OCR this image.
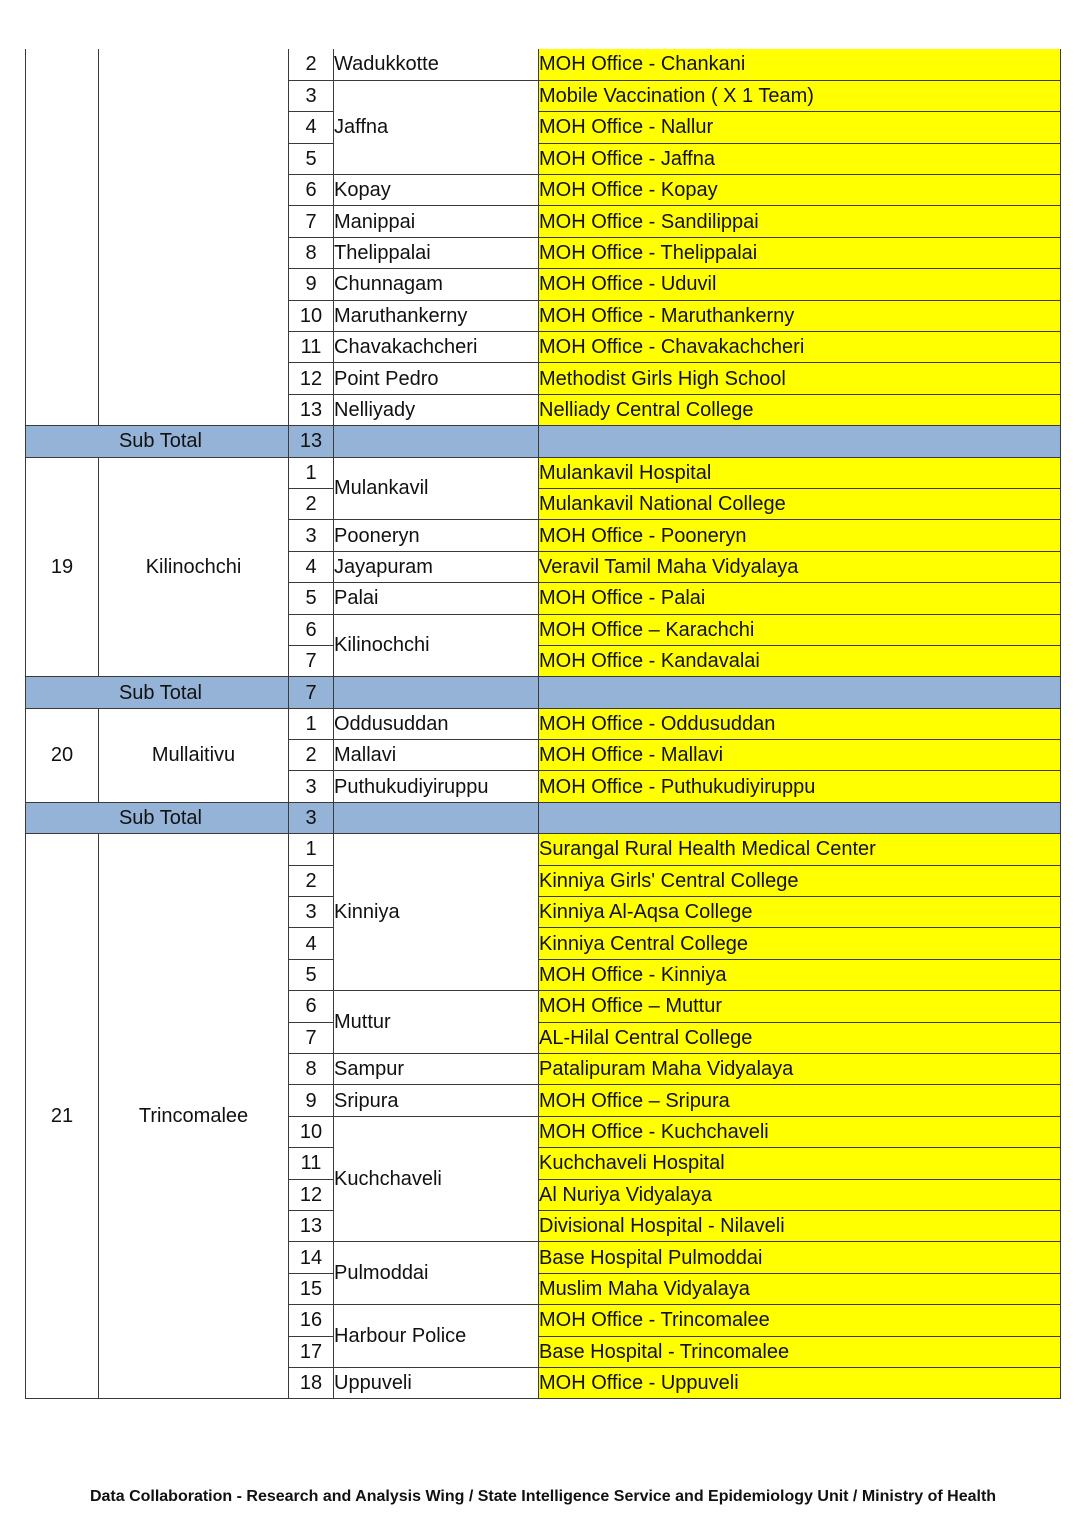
		2	Wadukkotte	MOH Office - Chankani
		3	Jaffna	Mobile Vaccination ( X 1 Team)
		4		MOH Office - Nallur
		5		MOH Office - Jaffna
		6	Kopay	MOH Office - Kopay
		7	Manippai	MOH Office - Sandilippai
		8	Thelippalai	MOH Office - Thelippalai
		9	Chunnagam	MOH Office - Uduvil
		10	Maruthankerny	MOH Office - Maruthankerny
		11	Chavakachcheri	MOH Office - Chavakachcheri
		12	Point Pedro	Methodist Girls High School
		13	Nelliyady	Nelliady Central College
Sub Total		13		
19	Kilinochchi	1	Mulankavil	Mulankavil Hospital
		2		Mulankavil National College
		3	Pooneryn	MOH Office - Pooneryn
		4	Jayapuram	Veravil Tamil Maha Vidyalaya
		5	Palai	MOH Office - Palai
		6	Kilinochchi	MOH Office – Karachchi
		7		MOH Office - Kandavalai
Sub Total		7		
20	Mullaitivu	1	Oddusuddan	MOH Office - Oddusuddan
		2	Mallavi	MOH Office - Mallavi
		3	Puthukudiyiruppu	MOH Office - Puthukudiyiruppu
Sub Total		3		
21	Trincomalee	1	Kinniya	Surangal Rural Health Medical Center
		2		Kinniya Girls' Central College
		3		Kinniya Al-Aqsa College
		4		Kinniya Central College
		5		MOH Office - Kinniya
		6	Muttur	MOH Office – Muttur
		7		AL-Hilal Central College
		8	Sampur	Patalipuram Maha Vidyalaya
		9	Sripura	MOH Office – Sripura
		10	Kuchchaveli	MOH Office - Kuchchaveli
		11		Kuchchaveli Hospital
		12		Al Nuriya Vidyalaya
		13		Divisional Hospital - Nilaveli
		14	Pulmoddai	Base Hospital Pulmoddai
		15		Muslim Maha Vidyalaya
		16	Harbour Police	MOH Office - Trincomalee
		17		Base Hospital - Trincomalee
		18	Uppuveli	MOH Office - Uppuveli
Data Collaboration - Research and Analysis Wing / State Intelligence Service and Epidemiology Unit / Ministry of Health
